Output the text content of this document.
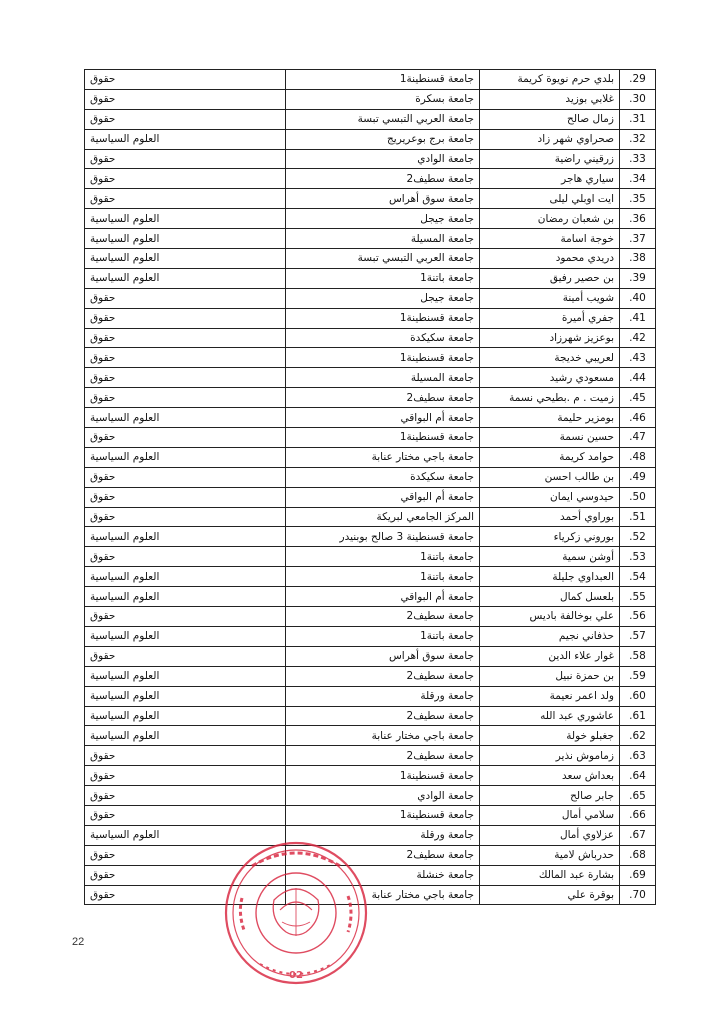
.29	بلدي حرم نويوة كريمة	جامعة قسنطينة1	حقوق
.30	غلابي بوزيد	جامعة بسكرة	حقوق
.31	زمال صالح	جامعة العربي التبسي تبسة	حقوق
.32	صحراوي شهر زاد	جامعة برج بوعريريج	العلوم السياسية
.33	زرقيني راضية	جامعة الوادي	حقوق
.34	سياري هاجر	جامعة سطيف2	حقوق
.35	ايت اوبلي ليلى	جامعة سوق أهراس	حقوق
.36	بن شعبان رمضان	جامعة جيجل	العلوم السياسية
.37	خوجة اسامة	جامعة المسيلة	العلوم السياسية
.38	دريدي محمود	جامعة العربي التبسي تبسة	العلوم السياسية
.39	بن حصير رفيق	جامعة باتنة1	العلوم السياسية
.40	شويب أمينة	جامعة جيجل	حقوق
.41	جفري أميرة	جامعة قسنطينة1	حقوق
.42	بوعزيز شهرزاد	جامعة سكيكدة	حقوق
.43	لعريبي خديجة	جامعة قسنطينة1	حقوق
.44	مسعودي رشيد	جامعة المسيلة	حقوق
.45	زميت . م .بطيحي نسمة	جامعة سطيف2	حقوق
.46	بومزير حليمة	جامعة أم البواقي	العلوم السياسية
.47	حسين نسمة	جامعة قسنطينة1	حقوق
.48	حوامد كريمة	جامعة باجي مختار عنابة	العلوم السياسية
.49	بن طالب احسن	جامعة سكيكدة	حقوق
.50	حيدوسي ايمان	جامعة أم البواقي	حقوق
.51	بوراوي أحمد	المركز الجامعي لبريكة	حقوق
.52	بوروني زكرياء	جامعة قسنطينة 3 صالح بوبنيدر	العلوم السياسية
.53	أوشن سمية	جامعة باتنة1	حقوق
.54	العبداوي جليلة	جامعة باتنة1	العلوم السياسية
.55	بلعسل كمال	جامعة أم البواقي	العلوم السياسية
.56	علي بوخالفة باديس	جامعة سطيف2	حقوق
.57	حذفاني نجيم	جامعة باتنة1	العلوم السياسية
.58	غوار علاء الدين	جامعة سوق أهراس	حقوق
.59	بن حمزة نبيل	جامعة سطيف2	العلوم السياسية
.60	ولد اعمر نعيمة	جامعة ورقلة	العلوم السياسية
.61	عاشوري عبد الله	جامعة سطيف2	العلوم السياسية
.62	جغبلو خولة	جامعة باجي مختار عنابة	العلوم السياسية
.63	زماموش نذير	جامعة سطيف2	حقوق
.64	بعداش سعد	جامعة قسنطينة1	حقوق
.65	جابر صالح	جامعة الوادي	حقوق
.66	سلامي أمال	جامعة قسنطينة1	حقوق
.67	عزلاوي أمال	جامعة ورقلة	العلوم السياسية
.68	حدرباش لامية	جامعة سطيف2	حقوق
.69	بشارة عبد المالك	جامعة خنشلة	حقوق
.70	بوقرة علي	جامعة باجي مختار عنابة	حقوق
02
22
